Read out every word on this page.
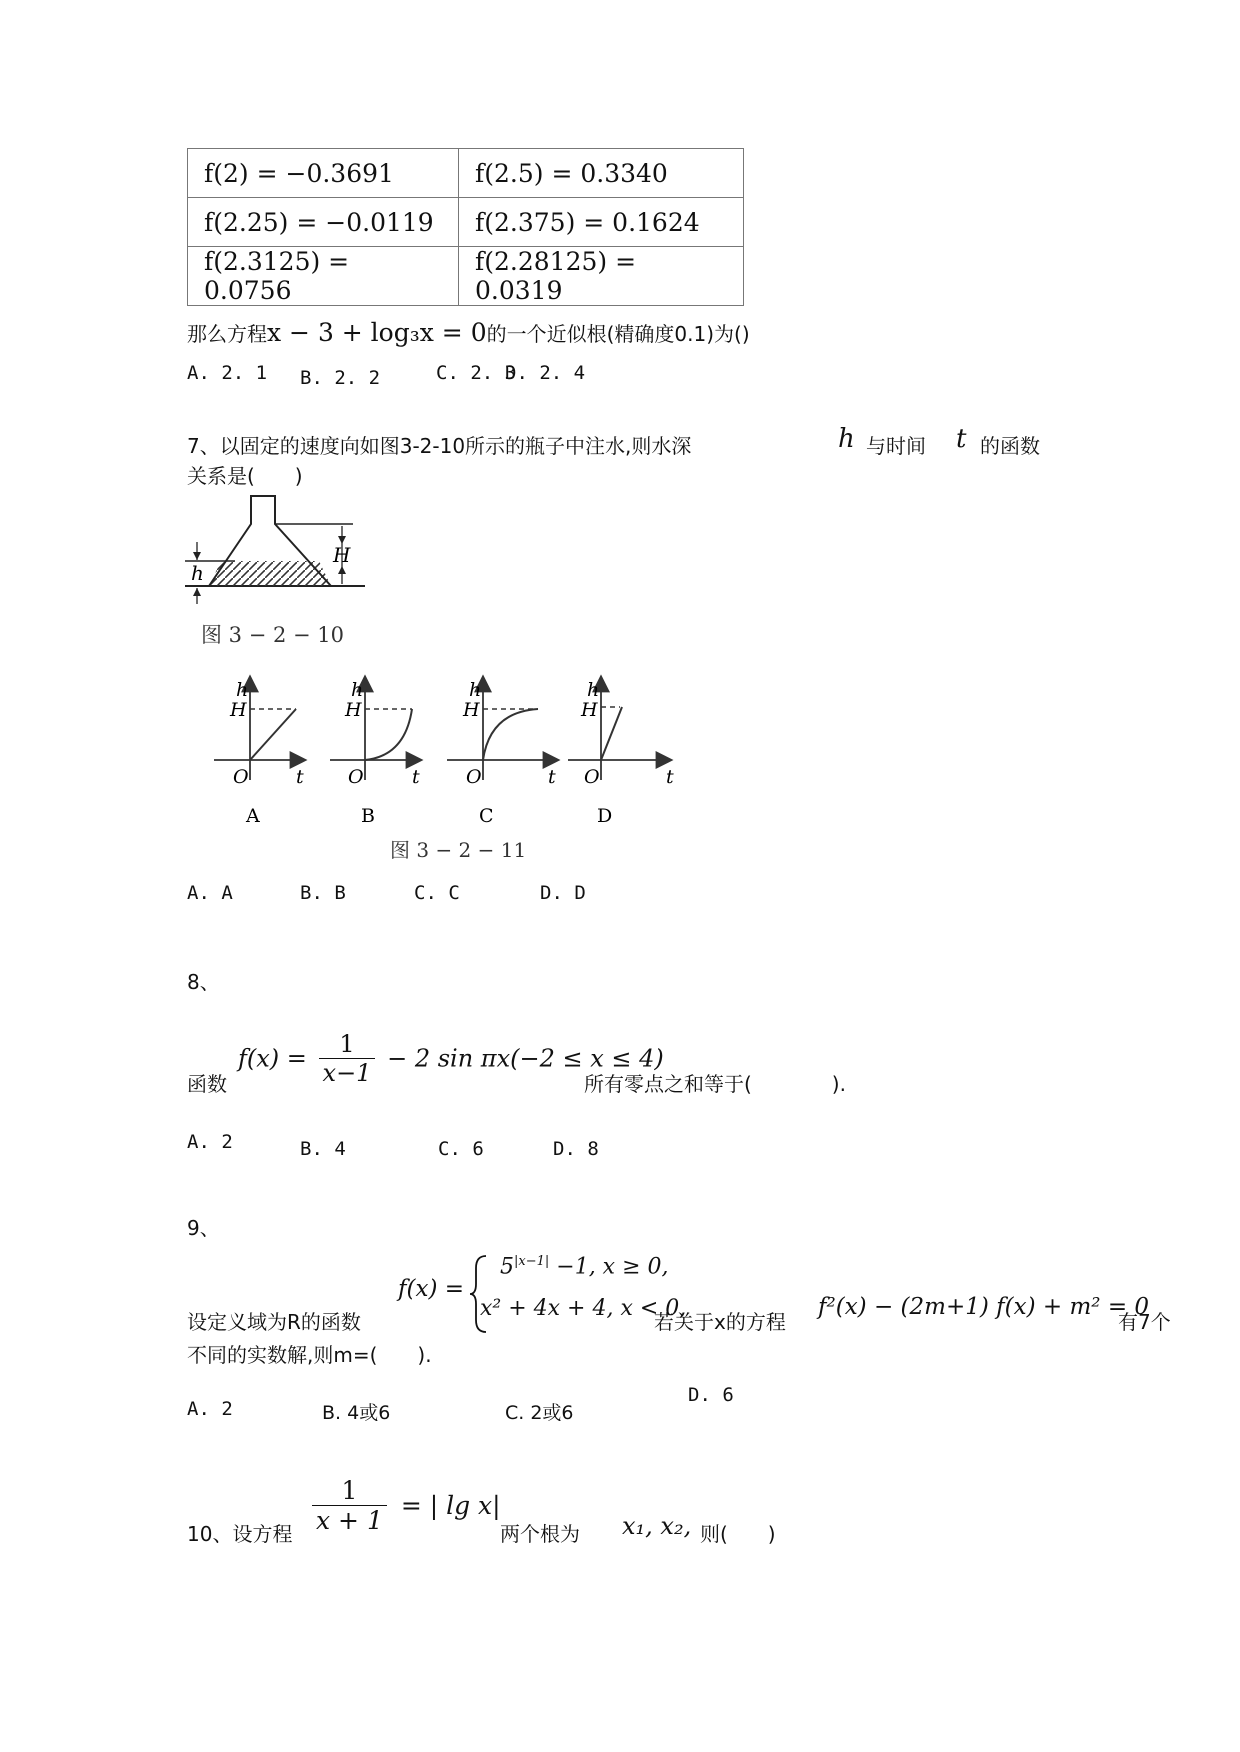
f(2) = −0.3691	f(2.5) = 0.3340
f(2.25) = −0.0119	f(2.375) = 0.1624
f(2.3125) = 0.0756	f(2.28125) = 0.0319
那么方程x − 3 + log₃x = 0的一个近似根(精确度0.1)为()
A. 2. 1 B. 2. 2	C. 2. 3
D. 2. 4
7、以固定的速度向如图3-2-10所示的瓶子中注水,则水深	h 与时间 t 的函数
关系是(　　)
H
h
图 3 − 2 − 10
h
H
O t
A
h
H
O	t
B
h
H
O	t
C
h
H
O	t
D
图 3 − 2 − 11
A. A	B. B	C. C	D. D
8、
函数
$f(x) = \frac{1}{x-1} - 2$ sin πx(−2 ≤ x ≤ 4)
所有零点之和等于(　　　　).
A. 2	B. 4	C. 6	D. 8
9、
设定义域为R的函数
f(x) =
$5^{|x-1|} -1$, x ≥ 0,
x² + 4x + 4, x < 0,
若关于x的方程
f²(x) − (2m+1) f(x) + m² = 0
有7个
不同的实数解,则m=(　　).
A. 2	B. 4或6	C. 2或6
D. 6
10、设方程 $\frac{1}{x + 1}$ = | lg x|
两个根为 x₁, x₂, 则(　　)
